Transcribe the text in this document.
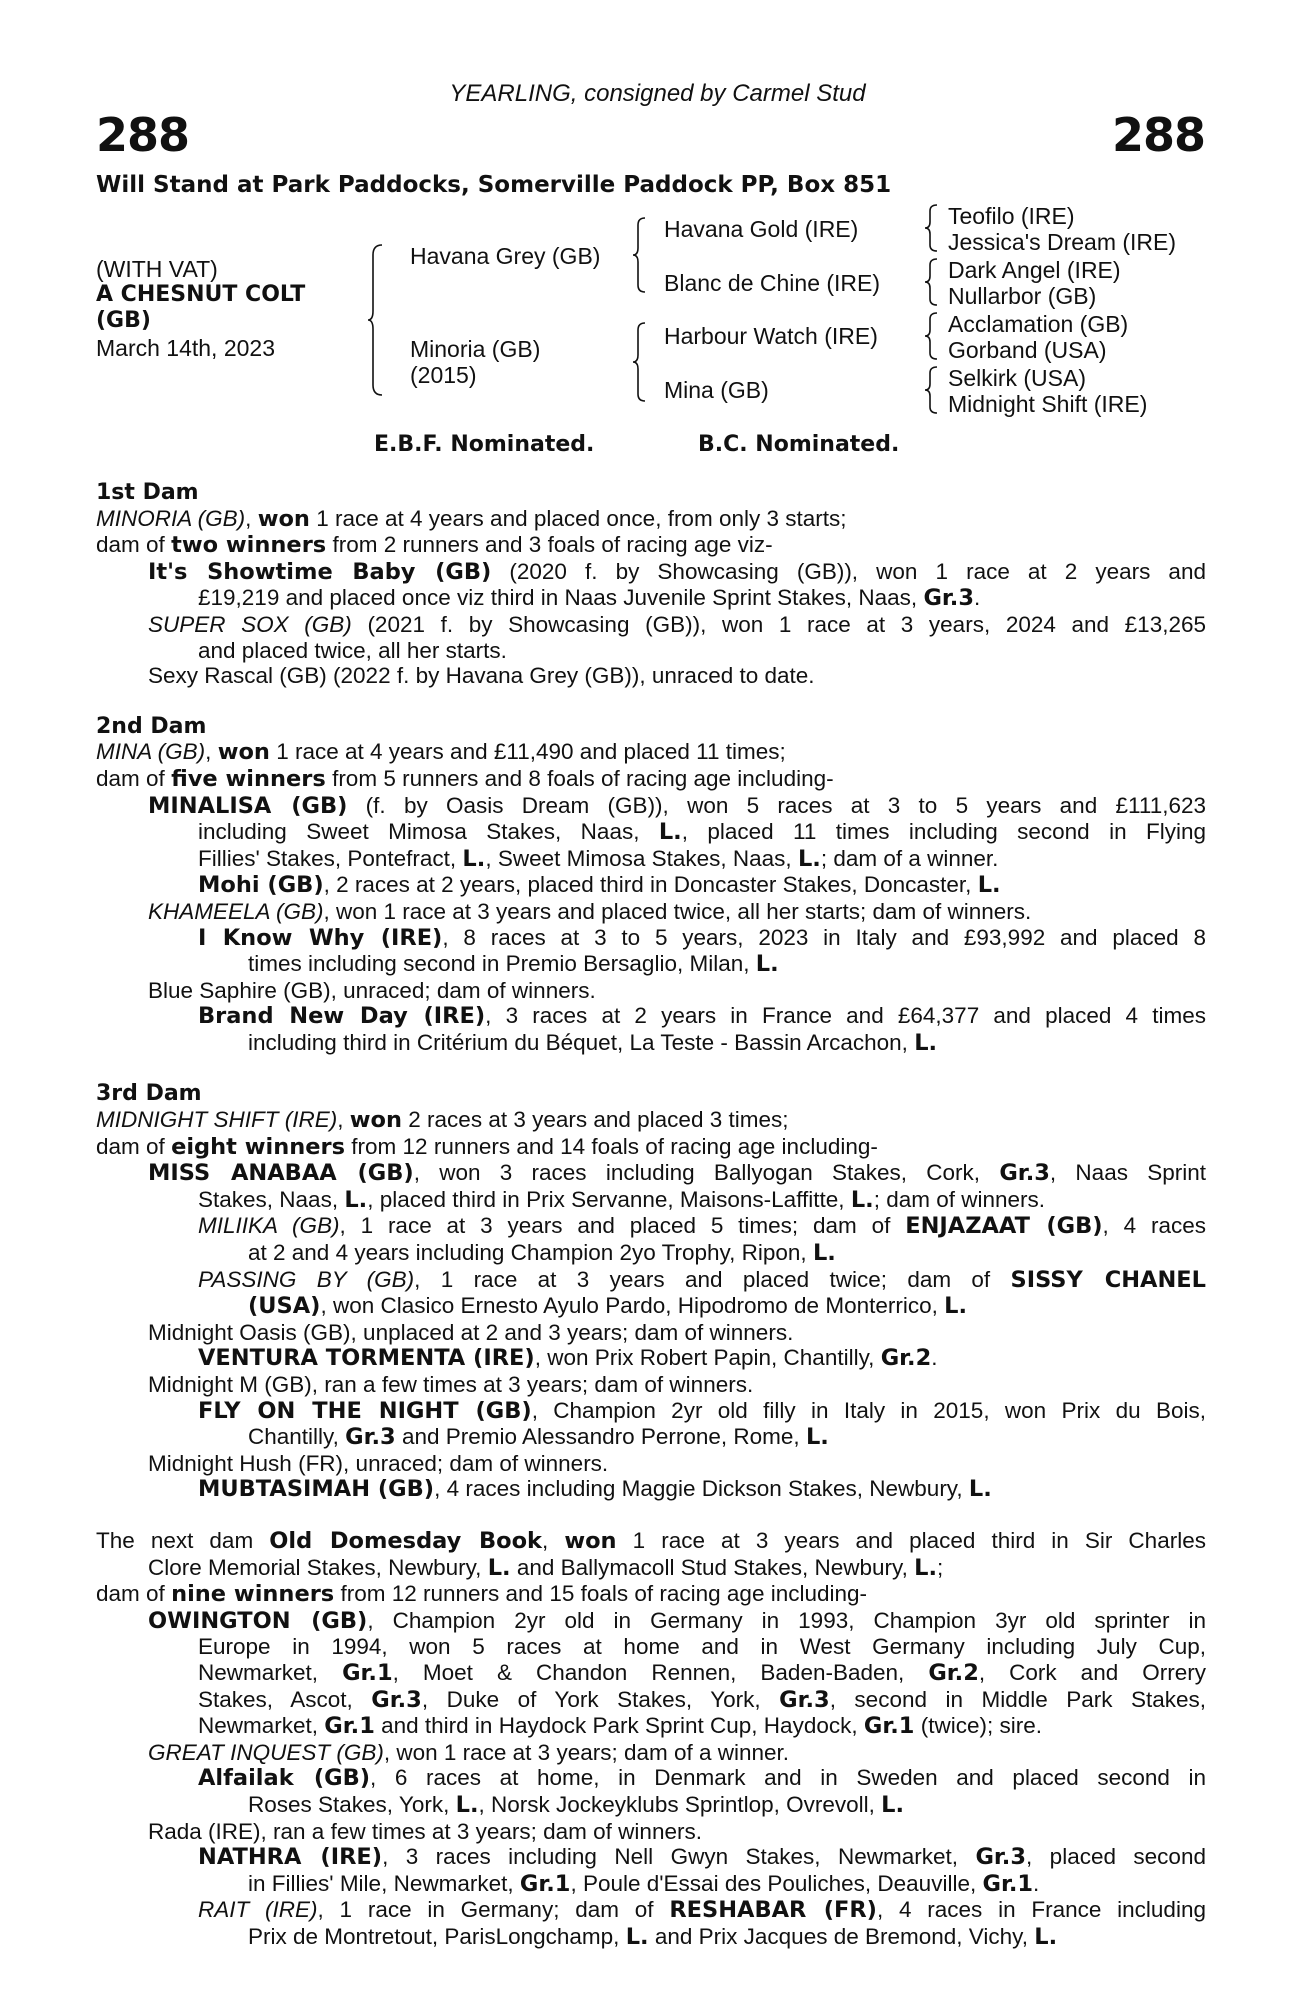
288	288
YEARLING, consigned by Carmel Stud
Will Stand at Park Paddocks, Somerville Paddock PP, Box 851
(WITH VAT)
A CHESNUT COLT
(GB)
March 14th, 2023
Havana Grey (GB)
Minoria (GB)
(2015)
Havana Gold (IRE)
Blanc de Chine (IRE)
Harbour Watch (IRE)
Mina (GB)
Teofilo (IRE)
Jessica's Dream (IRE)
Dark Angel (IRE)
Nullarbor (GB)
Acclamation (GB)
Gorband (USA)
Selkirk (USA)
Midnight Shift (IRE)
E.B.F. Nominated.	B.C. Nominated.
1st Dam
MINORIA (GB), won 1 race at 4 years and placed once, from only 3 starts;
dam of two winners from 2 runners and 3 foals of racing age viz-
It's Showtime Baby (GB) (2020 f. by Showcasing (GB)), won 1 race at 2 years and
£19,219 and placed once viz third in Naas Juvenile Sprint Stakes, Naas, Gr.3.
SUPER SOX (GB) (2021 f. by Showcasing (GB)), won 1 race at 3 years, 2024 and £13,265
and placed twice, all her starts.
Sexy Rascal (GB) (2022 f. by Havana Grey (GB)), unraced to date.
2nd Dam
MINA (GB), won 1 race at 4 years and £11,490 and placed 11 times;
dam of five winners from 5 runners and 8 foals of racing age including-
MINALISA (GB) (f. by Oasis Dream (GB)), won 5 races at 3 to 5 years and £111,623
including Sweet Mimosa Stakes, Naas, L., placed 11 times including second in Flying
Fillies' Stakes, Pontefract, L., Sweet Mimosa Stakes, Naas, L.; dam of a winner.
Mohi (GB), 2 races at 2 years, placed third in Doncaster Stakes, Doncaster, L.
KHAMEELA (GB), won 1 race at 3 years and placed twice, all her starts; dam of winners.
I Know Why (IRE), 8 races at 3 to 5 years, 2023 in Italy and £93,992 and placed 8
times including second in Premio Bersaglio, Milan, L.
Blue Saphire (GB), unraced; dam of winners.
Brand New Day (IRE), 3 races at 2 years in France and £64,377 and placed 4 times
including third in Critérium du Béquet, La Teste - Bassin Arcachon, L.
3rd Dam
MIDNIGHT SHIFT (IRE), won 2 races at 3 years and placed 3 times;
dam of eight winners from 12 runners and 14 foals of racing age including-
MISS ANABAA (GB), won 3 races including Ballyogan Stakes, Cork, Gr.3, Naas Sprint
Stakes, Naas, L., placed third in Prix Servanne, Maisons-Laffitte, L.; dam of winners.
MILIIKA (GB), 1 race at 3 years and placed 5 times; dam of ENJAZAAT (GB), 4 races
at 2 and 4 years including Champion 2yo Trophy, Ripon, L.
PASSING BY (GB), 1 race at 3 years and placed twice; dam of SISSY CHANEL
(USA), won Clasico Ernesto Ayulo Pardo, Hipodromo de Monterrico, L.
Midnight Oasis (GB), unplaced at 2 and 3 years; dam of winners.
VENTURA TORMENTA (IRE), won Prix Robert Papin, Chantilly, Gr.2.
Midnight M (GB), ran a few times at 3 years; dam of winners.
FLY ON THE NIGHT (GB), Champion 2yr old filly in Italy in 2015, won Prix du Bois,
Chantilly, Gr.3 and Premio Alessandro Perrone, Rome, L.
Midnight Hush (FR), unraced; dam of winners.
MUBTASIMAH (GB), 4 races including Maggie Dickson Stakes, Newbury, L.
The next dam Old Domesday Book, won 1 race at 3 years and placed third in Sir Charles
Clore Memorial Stakes, Newbury, L. and Ballymacoll Stud Stakes, Newbury, L.;
dam of nine winners from 12 runners and 15 foals of racing age including-
OWINGTON (GB), Champion 2yr old in Germany in 1993, Champion 3yr old sprinter in
Europe in 1994, won 5 races at home and in West Germany including July Cup,
Newmarket, Gr.1, Moet & Chandon Rennen, Baden-Baden, Gr.2, Cork and Orrery
Stakes, Ascot, Gr.3, Duke of York Stakes, York, Gr.3, second in Middle Park Stakes,
Newmarket, Gr.1 and third in Haydock Park Sprint Cup, Haydock, Gr.1 (twice); sire.
GREAT INQUEST (GB), won 1 race at 3 years; dam of a winner.
Alfailak (GB), 6 races at home, in Denmark and in Sweden and placed second in
Roses Stakes, York, L., Norsk Jockeyklubs Sprintlop, Ovrevoll, L.
Rada (IRE), ran a few times at 3 years; dam of winners.
NATHRA (IRE), 3 races including Nell Gwyn Stakes, Newmarket, Gr.3, placed second
in Fillies' Mile, Newmarket, Gr.1, Poule d'Essai des Pouliches, Deauville, Gr.1.
RAIT (IRE), 1 race in Germany; dam of RESHABAR (FR), 4 races in France including
Prix de Montretout, ParisLongchamp, L. and Prix Jacques de Bremond, Vichy, L.
